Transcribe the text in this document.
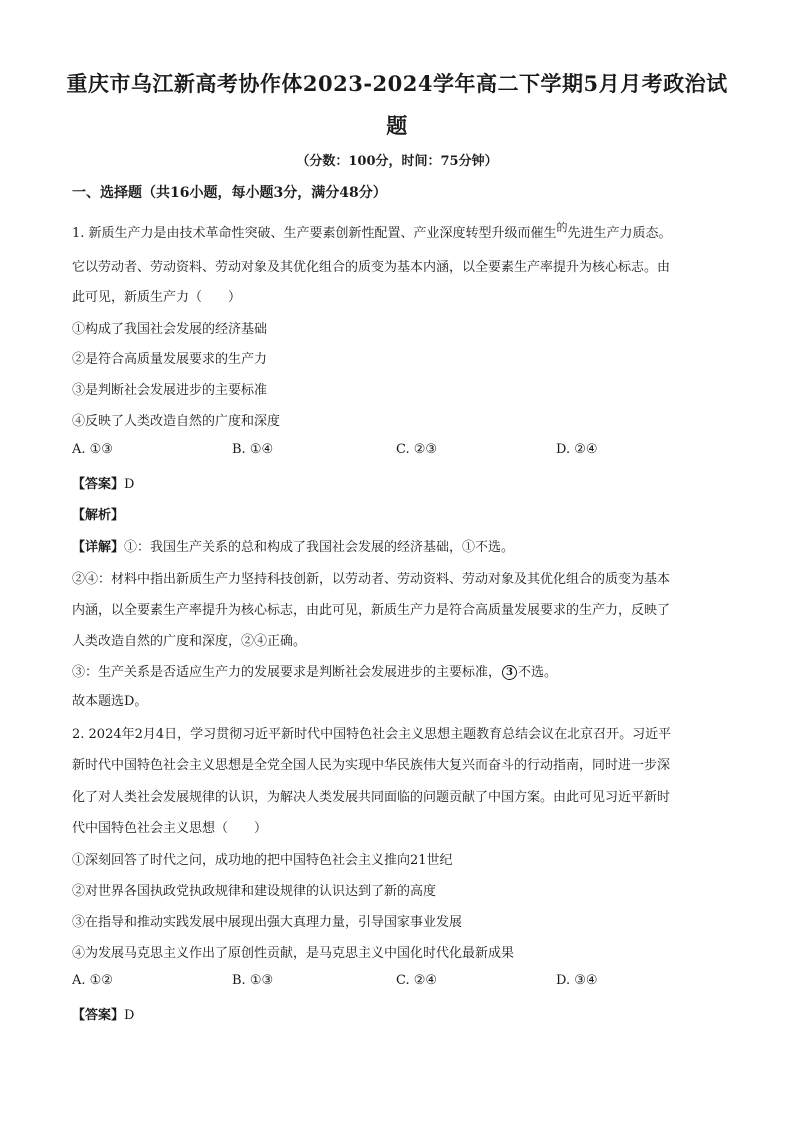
重庆市乌江新高考协作体2023-2024学年高二下学期5月月考政治试
题
（分数：100分，时间：75分钟）
一、选择题（共16小题，每小题3分，满分48分）
1. 新质生产力是由技术革命性突破、生产要素创新性配置、产业深度转型升级而催生$^的$先进生产力质态。
它以劳动者、劳动资料、劳动对象及其优化组合的质变为基本内涵，以全要素生产率提升为核心标志。由
此可见，新质生产力（　　）
①构成了我国社会发展的经济基础
②是符合高质量发展要求的生产力
③是判断社会发展进步的主要标准
④反映了人类改造自然的广度和深度
A. ①③	B. ①④	C. ②③	D. ②④
【答案】D
【解析】
【详解】①：我国生产关系的总和构成了我国社会发展的经济基础，①不选。
②④：材料中指出新质生产力坚持科技创新，以劳动者、劳动资料、劳动对象及其优化组合的质变为基本
内涵，以全要素生产率提升为核心标志，由此可见，新质生产力是符合高质量发展要求的生产力，反映了
人类改造自然的广度和深度，②④正确。
③：生产关系是否适应生产力的发展要求是判断社会发展进步的主要标准， 3 不选。
故本题选D。
2. 2024年2月4日，学习贯彻习近平新时代中国特色社会主义思想主题教育总结会议在北京召开。习近平
新时代中国特色社会主义思想是全党全国人民为实现中华民族伟大复兴而奋斗的行动指南，同时进一步深
化了对人类社会发展规律的认识，为解决人类发展共同面临的问题贡献了中国方案。由此可见习近平新时
代中国特色社会主义思想（　　）
①深刻回答了时代之问，成功地的把中国特色社会主义推向21世纪
②对世界各国执政党执政规律和建设规律的认识达到了新的高度
③在指导和推动实践发展中展现出强大真理力量，引导国家事业发展
④为发展马克思主义作出了原创性贡献，是马克思主义中国化时代化最新成果
A. ①②	B. ①③	C. ②④	D. ③④
【答案】D
